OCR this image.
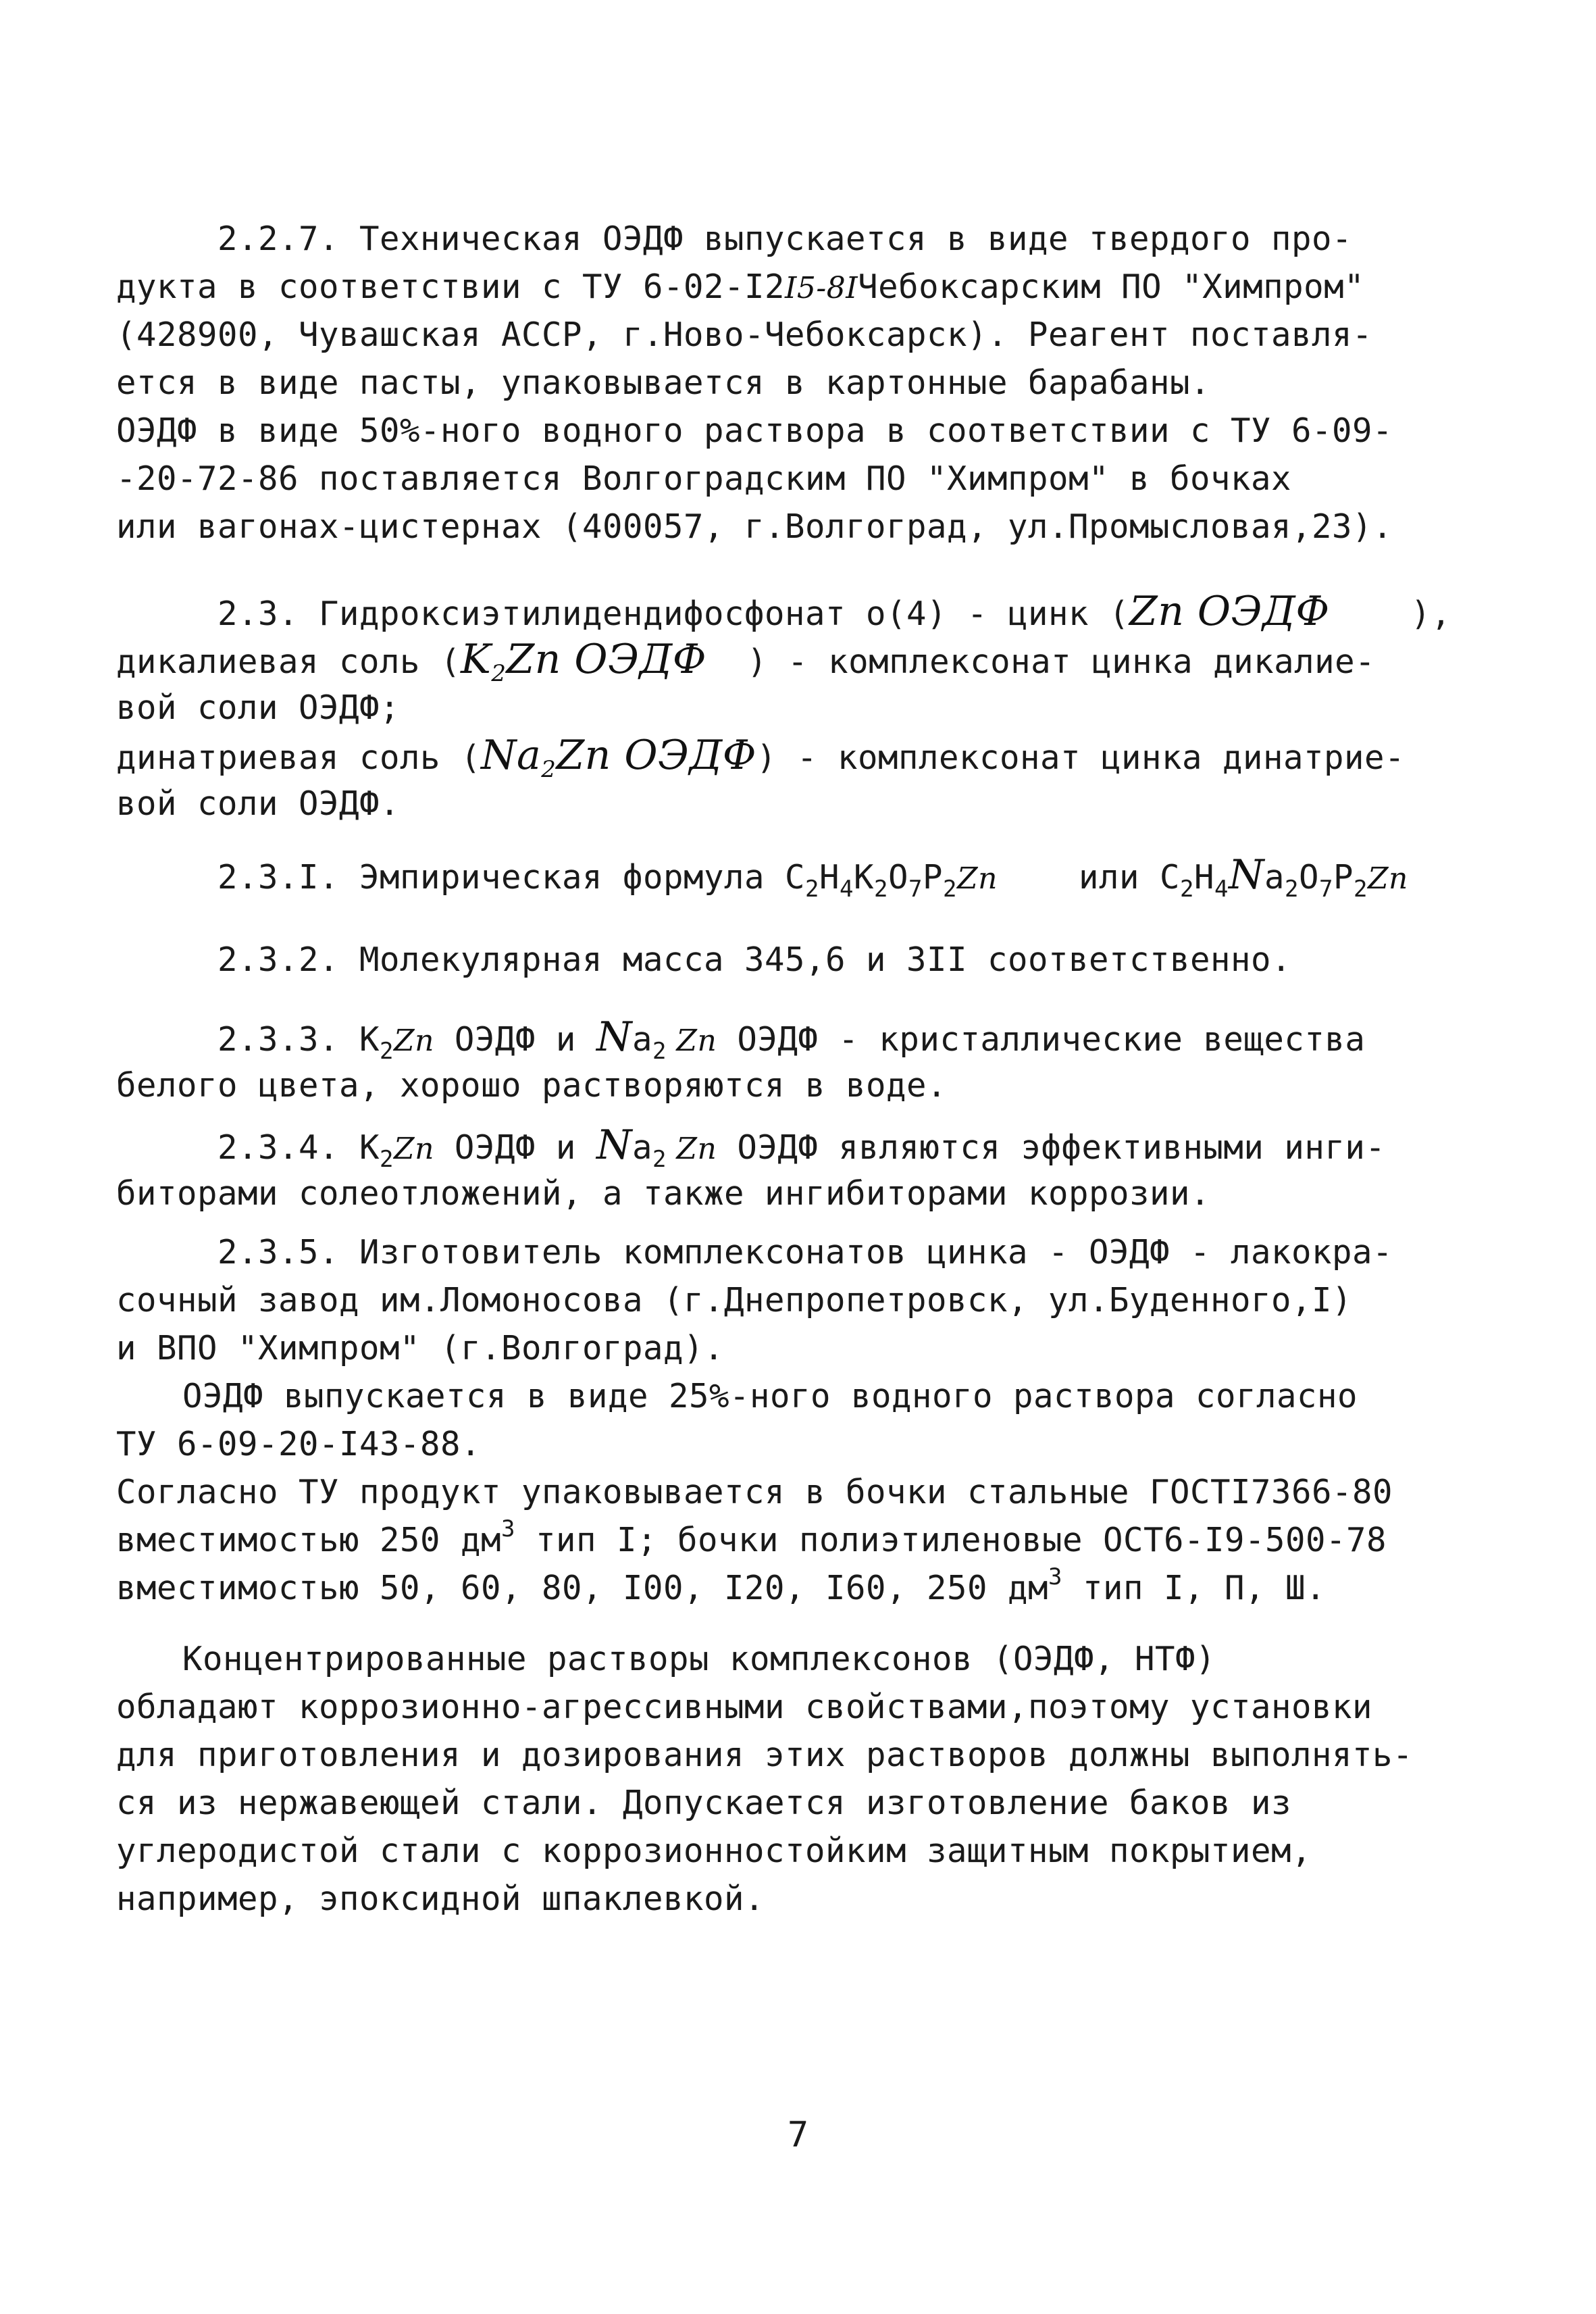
2.2.7. Техническая ОЭДФ выпускается в виде твердого про-
дукта в соответствии с ТУ 6-02-I2I5-8IЧебоксарским ПО "Химпром"
(428900, Чувашская АССР, г.Ново-Чебоксарск). Реагент поставля-
ется в виде пасты, упаковывается в картонные барабаны.
ОЭДФ в виде 50%-ного водного раствора в соответствии с ТУ 6-09-
-20-72-86 поставляется Волгоградским ПО "Химпром" в бочках
или вагонах-цистернах (400057, г.Волгоград, ул.Промысловая,23).
2.3. Гидроксиэтилидендифосфонат о(4) - цинк (Zn ОЭДФ ),
дикалиевая соль ($K_2Zn$ ОЭДФ ) - комплексонат цинка дикалие-
вой соли ОЭДФ;
динатриевая соль ($Na_2Zn$ ОЭДФ) - комплексонат цинка динатрие-
вой соли ОЭДФ.
2.3.I. Эмпирическая формула $C_2H_4K_2O_7P_2Zn$    или $C_2H_4Na_2O_7P_2Zn$
2.3.2. Молекулярная масса 345,6 и 3II соответственно.
2.3.3. $K_2Zn$ ОЭДФ и $Na_2$ Zn ОЭДФ - кристаллические вещества
белого цвета, хорошо растворяются в воде.
2.3.4. $K_2Zn$ ОЭДФ и $Na_2$ Zn ОЭДФ являются эффективными инги-
биторами солеотложений, а также ингибиторами коррозии.
2.3.5. Изготовитель комплексонатов цинка - ОЭДФ - лакокра-
сочный завод им.Ломоносова (г.Днепропетровск, ул.Буденного,I)
и ВПО "Химпром" (г.Волгоград).
ОЭДФ выпускается в виде 25%-ного водного раствора согласно
ТУ 6-09-20-I43-88.
Согласно ТУ продукт упаковывается в бочки стальные ГОСТI7366-80
вместимостью 250 $дм^3$ тип I; бочки полиэтиленовые ОСТ6-I9-500-78
вместимостью 50, 60, 80, I00, I20, I60, 250 $дм^3$ тип I, П, Ш.
Концентрированные растворы комплексонов (ОЭДФ, НТФ)
обладают коррозионно-агрессивными свойствами,поэтому установки
для приготовления и дозирования этих растворов должны выполнять-
ся из нержавеющей стали. Допускается изготовление баков из
углеродистой стали с коррозионностойким защитным покрытием,
например, эпоксидной шпаклевкой.
7
